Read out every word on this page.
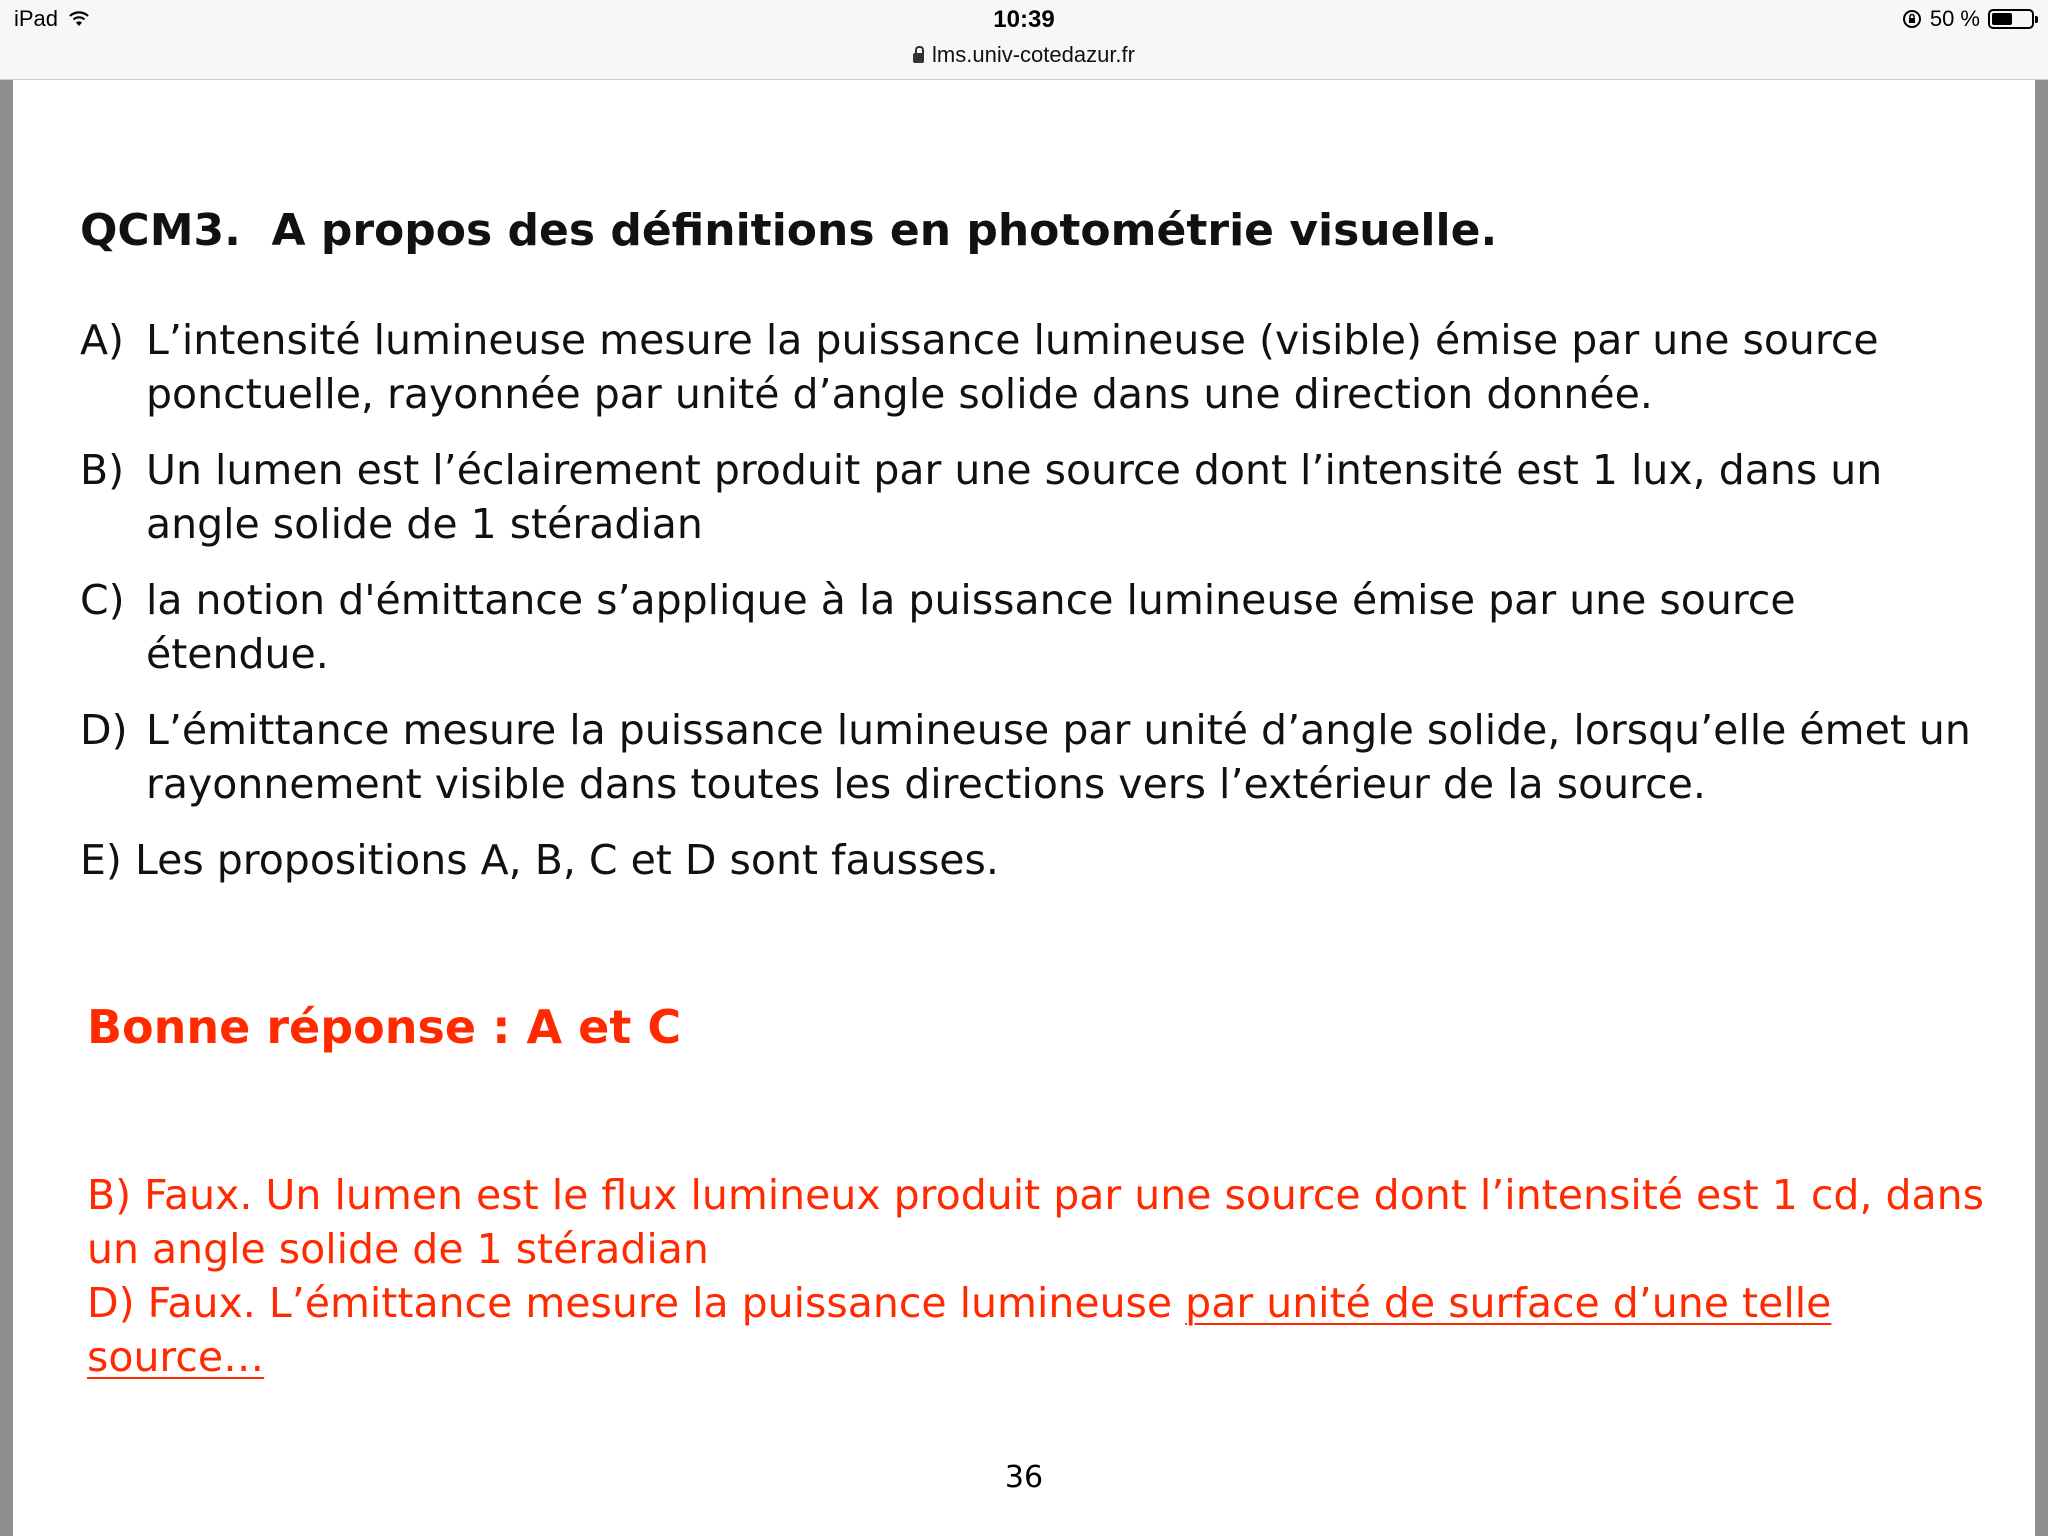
iPad	10:39	50 %
lms.univ-cotedazur.fr
QCM3.  A propos des définitions en photométrie visuelle.
A) L’intensité lumineuse mesure la puissance lumineuse (visible) émise par une source ponctuelle, rayonnée par unité d’angle solide dans une direction donnée.
B) Un lumen est l’éclairement produit par une source dont l’intensité est 1 lux, dans un angle solide de 1 stéradian
C) la notion d'émittance s’applique à la puissance lumineuse émise par une source étendue.
D) L’émittance mesure la puissance lumineuse par unité d’angle solide, lorsqu’elle émet un rayonnement visible dans toutes les directions vers l’extérieur de la source.
E) Les propositions A, B, C et D sont fausses.
Bonne réponse : A et C
B) Faux. Un lumen est le flux lumineux produit par une source dont l’intensité est 1 cd, dans un angle solide de 1 stéradian
D) Faux. L’émittance mesure la puissance lumineuse par unité de surface d’une telle source…
36
